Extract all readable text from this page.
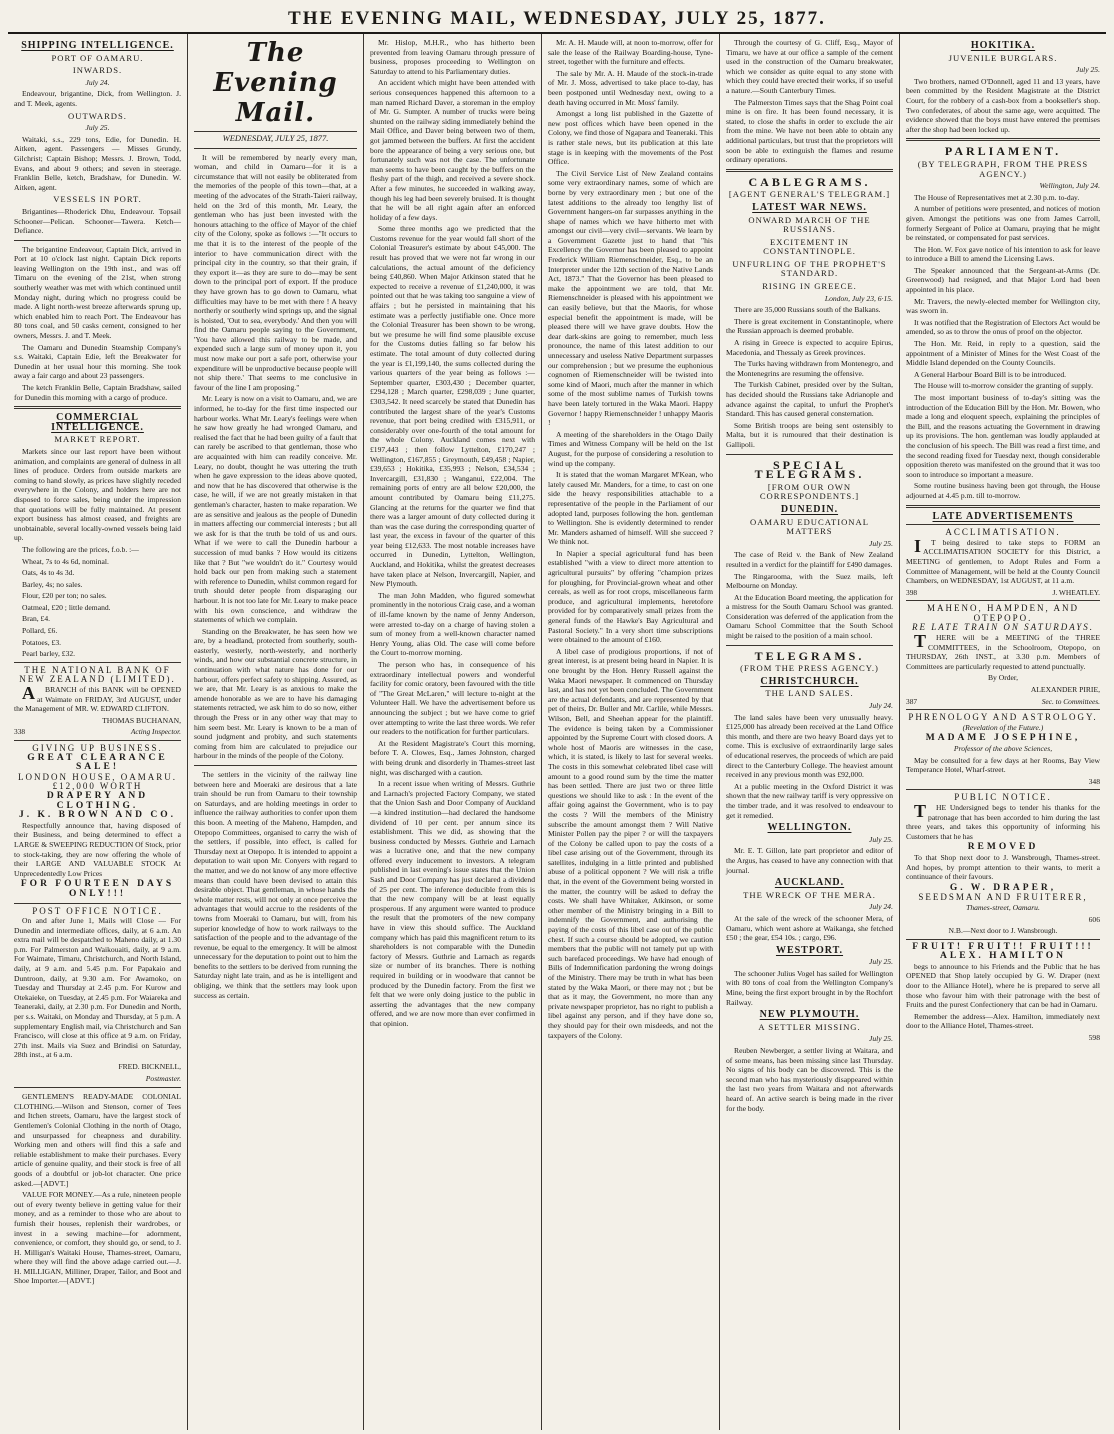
THE EVENING MAIL, WEDNESDAY, JULY 25, 1877.
SHIPPING INTELLIGENCE.
PORT OF OAMARU.
INWARDS.

July 24.

Endeavour, brigantine, Dick, from Wellington. J. and T. Meek, agents.

OUTWARDS.

July 25.

Waitaki, s.s., 229 tons, Edie, for Dunedin. H. Aitken, agent. Passengers — Misses Grundy, Gilchrist; Captain Bishop; Messrs. J. Brown, Todd, Evans, and about 9 others; and seven in steerage. Franklin Belle, ketch, Bradshaw, for Dunedin. W. Aitken, agent.

VESSELS IN PORT.

Brigantines—Rhoderick Dhu, Endeavour. Topsail Schooner—Pelican. Schooner—Tawera. Ketch—Defiance.

The brigantine Endeavour, Captain Dick, arrived in Port at 10 o'clock last night. Captain Dick reports leaving Wellington on the 19th inst., and was off Timaru on the evening of the 21st, when strong southerly weather was met with which continued until Monday night, during which no progress could be made. A light north-west breeze afterwards sprung up, which enabled him to reach Port. The Endeavour has 80 tons coal, and 50 casks cement, consigned to her owners, Messrs. J. and T. Meek.

The Oamaru and Dunedin Steamship Company's s.s. Waitaki, Captain Edie, left the Breakwater for Dunedin at her usual hour this morning. She took away a fair cargo and about 23 passengers.

The ketch Franklin Belle, Captain Bradshaw, sailed for Dunedin this morning with a cargo of produce.

COMMERCIAL INTELLIGENCE.
MARKET REPORT.

Markets since our last report have been without animation, and complaints are general of dulness in all lines of produce. Orders from outside markets are coming to hand slowly, as prices have slightly receded everywhere in the Colony, and holders here are not disposed to force sales, being under the impression that quotations will be fully maintained. At present export business has almost ceased, and freights are unobtainable, several locally-owned vessels being laid up.

The following are the prices, f.o.b. :—

Wheat, 7s to 4s 6d, nominal.

Oats, 4s to 4s 3d.

Barley, 4s; no sales.

Flour, £20 per ton; no sales.

Oatmeal, £20 ; little demand.

Bran, £4.

Pollard, £6.

Potatoes, £3.

Pearl barley, £32.

THE NATIONAL BANK OF NEW ZEALAND (LIMITED).

ABRANCH of this BANK will be OPENED at Waimate on FRIDAY, 3rd AUGUST, under the Management of MR. W. EDWARD CLIFTON.

THOMAS BUCHANAN,

338	Acting Inspector.
GIVING UP BUSINESS.
GREAT CLEARANCE SALE!
LONDON HOUSE, OAMARU.
£12,000 WORTH
DRAPERY AND CLOTHING.
J. K. BROWN AND CO.

Respectfully announce that, having disposed of their Business, and being determined to effect a LARGE & SWEEPING REDUCTION Of Stock, prior to stock-taking, they are now offering the whole of their LARGE AND VALUABLE STOCK At Unprecedentedly Low Prices

FOR FOURTEEN DAYS ONLY!!!
POST OFFICE NOTICE.

On and after June 1, Mails will Close — For Dunedin and intermediate offices, daily, at 6 a.m. An extra mail will be despatched to Maheno daily, at 1.30 p.m. For Palmerston and Waikouaiti, daily, at 9 a.m. For Waimate, Timaru, Christchurch, and North Island, daily, at 9 a.m. and 5.45 p.m. For Papakaio and Duntroon, daily, at 9.30 a.m. For Awamoko, on Tuesday and Thursday at 2.45 p.m. For Kurow and Otekaieke, on Tuesday, at 2.45 p.m. For Waiareka and Teaneraki, daily, at 2.30 p.m. For Dunedin and North, per s.s. Waitaki, on Monday and Thursday, at 5 p.m. A supplementary English mail, via Christchurch and San Francisco, will close at this office at 9 a.m. on Friday, 27th inst. Mails via Suez and Brindisi on Saturday, 28th inst., at 6 a.m.

FRED. BICKNELL,

Postmaster.

GENTLEMEN'S READY-MADE COLONIAL CLOTHING.—Wilson and Stenson, corner of Tees and Itchen streets, Oamaru, have the largest stock of Gentlemen's Colonial Clothing in the north of Otago, and unsurpassed for cheapness and durability. Working men and others will find this a safe and reliable establishment to make their purchases. Every article of genuine quality, and their stock is free of all goods of a doubtful or job-lot character. One price asked.—[ADVT.]

VALUE FOR MONEY.—As a rule, nineteen people out of every twenty believe in getting value for their money, and as a reminder to those who are about to furnish their houses, replenish their wardrobes, or invest in a sewing machine—for adornment, convenience, or comfort, they should go, or send, to J. H. Milligan's Waitaki House, Thames-street, Oamaru, where they will find the above adage carried out.—J. H. MILLIGAN, Milliner, Draper, Tailor, and Boot and Shoe Importer.—[ADVT.]

The Evening Mail.
WEDNESDAY, JULY 25, 1877.

It will be remembered by nearly every man, woman, and child in Oamaru—for it is a circumstance that will not easily be obliterated from the memories of the people of this town—that, at a meeting of the advocates of the Strath-Taieri railway, held on the 3rd of this month, Mr. Leary, the gentleman who has just been invested with the honours attaching to the office of Mayor of the chief city of the Colony, spoke as follows :—"It occurs to me that it is to the interest of the people of the interior to have communication direct with the principal city in the country, so that their grain, if they export it—as they are sure to do—may be sent down to the principal port of export. If the produce they have grown has to go down to Oamaru, what difficulties may have to be met with there ! A heavy northerly or southerly wind springs up, and the signal is hoisted, 'Out to sea, everybody.' And then you will find the Oamaru people saying to the Government, 'You have allowed this railway to be made, and expended such a large sum of money upon it, you must now make our port a safe port, otherwise your expenditure will be unproductive because people will not ship there.' That seems to me conclusive in favour of the line I am proposing."

Mr. Leary is now on a visit to Oamaru, and, we are informed, he to-day for the first time inspected our harbour works. What Mr. Leary's feelings were when he saw how greatly he had wronged Oamaru, and realised the fact that he had been guilty of a fault that can rarely be ascribed to that gentleman, those who are acquainted with him can readily conceive. Mr. Leary, no doubt, thought he was uttering the truth when he gave expression to the ideas above quoted, and now that he has discovered that otherwise is the case, he will, if we are not greatly mistaken in that gentleman's character, hasten to make reparation. We are as sensitive and jealous as the people of Dunedin in matters affecting our commercial interests ; but all we ask for is that the truth be told of us and ours. What if we were to call the Dunedin harbour a succession of mud banks ? How would its citizens like that ? But "we wouldn't do it." Courtesy would hold back our pen from making such a statement with reference to Dunedin, whilst common regard for truth should deter people from disparaging our harbour. It is not too late for Mr. Leary to make peace with his own conscience, and withdraw the statements of which we complain.

Standing on the Breakwater, he has seen how we are, by a headland, protected from southerly, south-easterly, westerly, north-westerly, and northerly winds, and how our substantial concrete structure, in continuation with what nature has done for our harbour, offers perfect safety to shipping. Assured, as we are, that Mr. Leary is as anxious to make the amende honorable as we are to have his damaging statements retracted, we ask him to do so now, either through the Press or in any other way that may to him seem best. Mr. Leary is known to be a man of sound judgment and probity, and such statements coming from him are calculated to prejudice our harbour in the minds of the people of the Colony.

The settlers in the vicinity of the railway line between here and Moeraki are desirous that a late train should be run from Oamaru to their township on Saturdays, and are holding meetings in order to influence the railway authorities to confer upon them this boon. A meeting of the Maheno, Hampden, and Otepopo Committees, organised to carry the wish of the settlers, if possible, into effect, is called for Thursday next at Otepopo. It is intended to appoint a deputation to wait upon Mr. Conyers with regard to the matter, and we do not know of any more effective means than could have been devised to attain this desirable object. That gentleman, in whose hands the whole matter rests, will not only at once perceive the advantages that would accrue to the residents of the towns from Moeraki to Oamaru, but will, from his superior knowledge of how to work railways to the satisfaction of the people and to the advantage of the revenue, be equal to the emergency. It will be almost unnecessary for the deputation to point out to him the benefits to the settlers to be derived from running the Saturday night late train, and as he is intelligent and obliging, we think that the settlers may look upon success as certain.

Mr. Hislop, M.H.R., who has hitherto been prevented from leaving Oamaru through pressure of business, proposes proceeding to Wellington on Saturday to attend to his Parliamentary duties.

An accident which might have been attended with serious consequences happened this afternoon to a man named Richard Daver, a storeman in the employ of Mr. G. Sumpter. A number of trucks were being shunted on the railway siding immediately behind the Mail Office, and Daver being between two of them, got jammed between the buffers. At first the accident bore the appearance of being a very serious one, but fortunately such was not the case. The unfortunate man seems to have been caught by the buffers on the fleshy part of the thigh, and received a severe shock. After a few minutes, he succeeded in walking away, though his leg had been severely bruised. It is thought that he will be all right again after an enforced holiday of a few days.

Some three months ago we predicted that the Customs revenue for the year would fall short of the Colonial Treasurer's estimate by about £45,000. The result has proved that we were not far wrong in our calculations, the actual amount of the deficiency being £40,860. When Major Atkinson stated that he expected to receive a revenue of £1,240,000, it was pointed out that he was taking too sanguine a view of affairs ; but he persisted in maintaining that his estimate was a perfectly justifiable one. Once more the Colonial Treasurer has been shown to be wrong, but we presume he will find some plausible excuse for the Customs duties falling so far below his estimate. The total amount of duty collected during the year is £1,199,140, the sums collected during the various quarters of the year being as follows :—September quarter, £303,430 ; December quarter, £294,128 ; March quarter, £298,039 ; June quarter, £303,542. It need scarcely be stated that Dunedin has contributed the largest share of the year's Customs revenue, that port being credited with £315,911, or considerably over one-fourth of the total amount for the whole Colony. Auckland comes next with £197,443 ; then follow Lyttelton, £170,247 ; Wellington, £167,855 ; Greymouth, £49,458 ; Napier, £39,653 ; Hokitika, £35,993 ; Nelson, £34,534 ; Invercargill, £31,830 ; Wanganui, £22,004. The remaining ports of entry are all below £20,000, the amount contributed by Oamaru being £11,275. Glancing at the returns for the quarter we find that there was a larger amount of duty collected during it than was the case during the corresponding quarter of last year, the excess in favour of the quarter of this year being £12,633. The most notable increases have occurred in Dunedin, Lyttelton, Wellington, Auckland, and Hokitika, whilst the greatest decreases have taken place at Nelson, Invercargill, Napier, and New Plymouth.

The man John Madden, who figured somewhat prominently in the notorious Craig case, and a woman of ill-fame known by the name of Jenny Anderson, were arrested to-day on a charge of having stolen a sum of money from a well-known character named Henry Young, alias Old. The case will come before the Court to-morrow morning.

The person who has, in consequence of his extraordinary intellectual powers and wonderful facility for comic oratory, been favoured with the title of "The Great McLaren," will lecture to-night at the Volunteer Hall. We have the advertisement before us announcing the subject ; but we have come to grief over attempting to write the last three words. We refer our readers to the notification for further particulars.

At the Resident Magistrate's Court this morning, before T. A. Clowes, Esq., James Johnston, charged with being drunk and disorderly in Thames-street last night, was discharged with a caution.

In a recent issue when writing of Messrs. Guthrie and Larnach's projected Factory Company, we stated that the Union Sash and Door Company of Auckland—a kindred institution—had declared the handsome dividend of 10 per cent. per annum since its establishment. This we did, as showing that the business conducted by Messrs. Guthrie and Larnach was a lucrative one, and that the new company offered every inducement to investors. A telegram published in last evening's issue states that the Union Sash and Door Company has just declared a dividend of 25 per cent. The inference deducible from this is that the new company will be at least equally prosperous. If any argument were wanted to produce the result that the promoters of the new company have in view this should suffice. The Auckland company which has paid this magnificent return to its shareholders is not comparable with the Dunedin factory of Messrs. Guthrie and Larnach as regards size or number of its branches. There is nothing required in building or in woodware that cannot be produced by the Dunedin factory. From the first we felt that we were only doing justice to the public in asserting the advantages that the new company offered, and we are now more than ever confirmed in that opinion.

Mr. A. H. Maude will, at noon to-morrow, offer for sale the lease of the Railway Boarding-house, Tyne-street, together with the furniture and effects.

The sale by Mr. A. H. Maude of the stock-in-trade of Mr. J. Moss, advertised to take place to-day, has been postponed until Wednesday next, owing to a death having occurred in Mr. Moss' family.

Amongst a long list published in the Gazette of new post offices which have been opened in the Colony, we find those of Ngapara and Teaneraki. This is rather stale news, but its publication at this late stage is in keeping with the movements of the Post Office.

The Civil Service List of New Zealand contains some very extraordinary names, some of which are borne by very extraordinary men ; but one of the latest additions to the already too lengthy list of Government hangers-on far surpasses anything in the shape of names which we have hitherto met with amongst our civil—very civil—servants. We learn by a Government Gazette just to hand that "his Excellency the Governor has been pleased to appoint Frederick William Riemenschneider, Esq., to be an Interpreter under the 12th section of the Native Lands Act, 1873." That the Governor has been pleased to make the appointment we are told, that Mr. Riemenschneider is pleased with his appointment we can easily believe, but that the Maoris, for whose especial benefit the appointment is made, will be pleased there will we have grave doubts. How the dear dark-skins are going to remember, much less pronounce, the name of this latest addition to our unnecessary and useless Native Department surpasses our comprehension ; but we presume the euphonious cognomen of Riemenschneider will be twisted into some kind of Maori, much after the manner in which some of the most sublime names of Turkish towns have been lately tortured in the Waka Maori. Happy Governor ! happy Riemenschneider ! unhappy Maoris !

A meeting of the shareholders in the Otago Daily Times and Witness Company will be held on the 1st August, for the purpose of considering a resolution to wind up the company.

It is stated that the woman Margaret M'Kean, who lately caused Mr. Manders, for a time, to cast on one side the heavy responsibilities attachable to a representative of the people in the Parliament of our adopted land, purposes following the hon. gentleman to Wellington. She is evidently determined to render Mr. Manders ashamed of himself. Will she succeed ? We think not.

In Napier a special agricultural fund has been established "with a view to direct more attention to agricultural pursuits" by offering "champion prizes for ploughing, for Provincial-grown wheat and other cereals, as well as for root crops, miscellaneous farm produce, and agricultural implements, heretofore provided for by comparatively small prizes from the general funds of the Hawke's Bay Agricultural and Pastoral Society." In a very short time subscriptions were obtained to the amount of £160.

A libel case of prodigious proportions, if not of great interest, is at present being heard in Napier. It is one brought by the Hon. Henry Russell against the Waka Maori newspaper. It commenced on Thursday last, and has not yet been concluded. The Government are the actual defendants, and are represented by that pet of theirs, Dr. Buller and Mr. Carlile, while Messrs. Wilson, Bell, and Sheehan appear for the plaintiff. The evidence is being taken by a Commissioner appointed by the Supreme Court with closed doors. A whole host of Maoris are witnesses in the case, which, it is stated, is likely to last for several weeks. The costs in this somewhat celebrated libel case will amount to a good round sum by the time the matter has been settled. There are just two or three little questions we should like to ask : In the event of the affair going against the Government, who is to pay the costs ? Will the members of the Ministry subscribe the amount amongst them ? Will Native Minister Pollen pay the piper ? or will the taxpayers of the Colony be called upon to pay the costs of a libel case arising out of the Government, through its satellites, indulging in a little printed and published abuse of a political opponent ? We will risk a trifle that, in the event of the Government being worsted in the matter, the country will be asked to defray the costs. We shall have Whitaker, Atkinson, or some other member of the Ministry bringing in a Bill to indemnify the Government, and authorising the paying of the costs of this libel case out of the public chest. If such a course should be adopted, we caution members that the public will not tamely put up with such barefaced proceedings. We have had enough of Bills of Indemnification pardoning the wrong doings of the Ministry. There may be truth in what has been stated by the Waka Maori, or there may not ; but be that as it may, the Government, no more than any private newspaper proprietor, has no right to publish a libel against any person, and if they have done so, they should pay for their own misdeeds, and not the taxpayers of the Colony.

Through the courtesy of G. Cliff, Esq., Mayor of Timaru, we have at our office a sample of the cement used in the construction of the Oamaru breakwater, which we consider as quite equal to any stone with which they could have erected their works, if so useful a nature.—South Canterbury Times.

The Palmerston Times says that the Shag Point coal mine is on fire. It has been found necessary, it is stated, to close the shafts in order to exclude the air from the mine. We have not been able to obtain any additional particulars, but trust that the proprietors will soon be able to extinguish the flames and resume ordinary operations.

CABLEGRAMS.
[AGENT GENERAL'S TELEGRAM.]
LATEST WAR NEWS.
ONWARD MARCH OF THE RUSSIANS.
EXCITEMENT IN CONSTANTINOPLE.
UNFURLING OF THE PROPHET'S STANDARD.
RISING IN GREECE.

London, July 23, 6·15.

There are 35,000 Russians south of the Balkans.

There is great excitement in Constantinople, where the Russian approach is deemed probable.

A rising in Greece is expected to acquire Epirus, Macedonia, and Thessaly as Greek provinces.

The Turks having withdrawn from Montenegro, and the Montenegrins are resuming the offensive.

The Turkish Cabinet, presided over by the Sultan, has decided should the Russians take Adrianople and advance against the capital, to unfurl the Prophet's Standard. This has caused general consternation.

Some British troops are being sent ostensibly to Malta, but it is rumoured that their destination is Gallipoli.

SPECIAL TELEGRAMS.
[FROM OUR OWN CORRESPONDENTS.]
DUNEDIN.
OAMARU EDUCATIONAL MATTERS

July 25.

The case of Reid v. the Bank of New Zealand resulted in a verdict for the plaintiff for £490 damages.

The Ringarooma, with the Suez mails, left Melbourne on Monday.

At the Education Board meeting, the application for a mistress for the South Oamaru School was granted. Consideration was deferred of the application from the Oamaru School Committee that the South School might be raised to the position of a main school.

TELEGRAMS.
(FROM THE PRESS AGENCY.)
CHRISTCHURCH.
THE LAND SALES.

July 24.

The land sales have been very unusually heavy. £125,000 has already been received at the Land Office this month, and there are two heavy Board days yet to come. This is exclusive of extraordinarily large sales of educational reserves, the proceeds of which are paid direct to the Canterbury College. The heaviest amount received in any previous month was £92,000.

At a public meeting in the Oxford District it was shown that the new railway tariff is very oppressive on the timber trade, and it was resolved to endeavour to get it remedied.

WELLINGTON.

July 25.

Mr. E. T. Gillon, late part proprietor and editor of the Argus, has ceased to have any connection with that journal.

AUCKLAND.
THE WRECK OF THE MERA.

July 24.

At the sale of the wreck of the schooner Mera, of Oamaru, which went ashore at Waikanga, she fetched £50 ; the gear, £54 10s. ; cargo, £96.

WESTPORT.

July 25.

The schooner Julius Vogel has sailed for Wellington with 80 tons of coal from the Wellington Company's Mine, being the first export brought in by the Rochfort Railway.

NEW PLYMOUTH.
A SETTLER MISSING.

July 25.

Reuben Newberger, a settler living at Waitara, and of some means, has been missing since last Thursday. No signs of his body can be discovered. This is the second man who has mysteriously disappeared within the last two years from Waitara and not afterwards heard of. An active search is being made in the river for the body.

HOKITIKA.
JUVENILE BURGLARS.

July 25.

Two brothers, named O'Donnell, aged 11 and 13 years, have been committed by the Resident Magistrate at the District Court, for the robbery of a cash-box from a bookseller's shop. Two confederates, of about the same age, were acquitted. The evidence showed that the boys must have entered the premises after the shop had been locked up.

PARLIAMENT.
(BY TELEGRAPH, FROM THE PRESS AGENCY.)

Wellington, July 24.

The House of Representatives met at 2.30 p.m. to-day.

A number of petitions were presented, and notices of motion given. Amongst the petitions was one from James Carroll, formerly Sergeant of Police at Oamaru, praying that he might be reinstated, or compensated for past services.

The Hon. W. Fox gave notice of his intention to ask for leave to introduce a Bill to amend the Licensing Laws.

The Speaker announced that the Sergeant-at-Arms (Dr. Greenwood) had resigned, and that Major Lord had been appointed in his place.

Mr. Travers, the newly-elected member for Wellington city, was sworn in.

It was notified that the Registration of Electors Act would be amended, so as to throw the onus of proof on the objector.

The Hon. Mr. Reid, in reply to a question, said the appointment of a Minister of Mines for the West Coast of the Middle Island depended on the County Councils.

A General Harbour Board Bill is to be introduced.

The House will to-morrow consider the granting of supply.

The most important business of to-day's sitting was the introduction of the Education Bill by the Hon. Mr. Bowen, who made a long and eloquent speech, explaining the principles of the Bill, and the reasons actuating the Government in drawing up its provisions. The hon. gentleman was loudly applauded at the conclusion of his speech. The Bill was read a first time, and the second reading fixed for Tuesday next, though considerable opposition thereto was manifested on the ground that it was too soon to introduce so important a measure.

Some routine business having been got through, the House adjourned at 4.45 p.m. till to-morrow.

LATE ADVERTISEMENTS
ACCLIMATISATION.

IT being desired to take steps to FORM an ACCLIMATISATION SOCIETY for this District, a MEETING of gentlemen, to Adopt Rules and Form a Committee of Management, will be held at the County Council Chambers, on WEDNESDAY, 1st AUGUST, at 11 a.m.

398	J. WHEATLEY.
MAHENO, HAMPDEN, AND OTEPOPO.
RE LATE TRAIN ON SATURDAYS.

THERE will be a MEETING of the THREE COMMITTEES, in the Schoolroom, Otepopo, on THURSDAY, 26th INST., at 3.30 p.m. Members of Committees are particularly requested to attend punctually.

By Order,

ALEXANDER PIRIE,

387	Sec. to Committees.
PHRENOLOGY AND ASTROLOGY.

(Revelation of the Future.)

MADAME JOSEPHINE,

Professor of the above Sciences,

May be consulted for a few days at her Rooms, Bay View Temperance Hotel, Wharf-street.

348

PUBLIC NOTICE.

THE Undersigned begs to tender his thanks for the patronage that has been accorded to him during the last three years, and takes this opportunity of informing his Customers that he has

REMOVED

To that Shop next door to J. Wansbrough, Thames-street. And hopes, by prompt attention to their wants, to merit a continuance of their favours.

G. W. DRAPER,
SEEDSMAN AND FRUITERER,

Thames-street, Oamaru.

606

N.B.—Next door to J. Wansbrough.

FRUIT! FRUIT!! FRUIT!!!
ALEX. HAMILTON

begs to announce to his Friends and the Public that he has OPENED that Shop lately occupied by G. W. Draper (next door to the Alliance Hotel), where he is prepared to serve all those who favour him with their patronage with the best of Fruits and the purest Confectionery that can be had in Oamaru.

Remember the address—Alex. Hamilton, immediately next door to the Alliance Hotel, Thames-street.

598
